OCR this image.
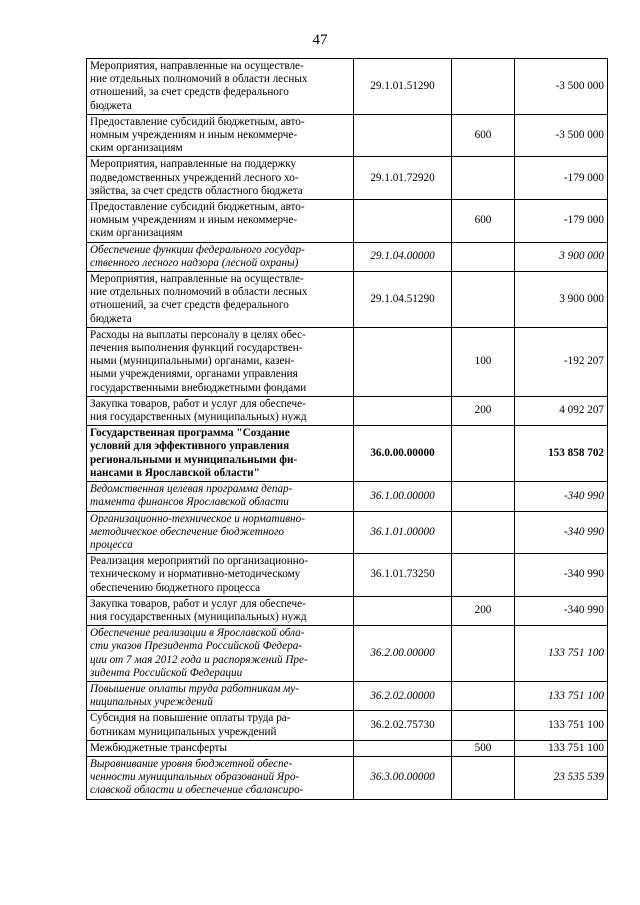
47
Мероприятия, направленные на осуществле-
ние отдельных полномочий в области лесных
отношений, за счет средств федерального
бюджета	29.1.01.51290		-3 500 000
Предоставление субсидий бюджетным, авто-
номным учреждениям и иным некоммерче-
ским организациям		600	-3 500 000
Мероприятия, направленные на поддержку
подведомственных учреждений лесного хо-
зяйства, за счет средств областного бюджета	29.1.01.72920		-179 000
Предоставление субсидий бюджетным, авто-
номным учреждениям и иным некоммерче-
ским организациям		600	-179 000
Обеспечение функции федерального государ-
ственного лесного надзора (лесной охраны)	29.1.04.00000		3 900 000
Мероприятия, направленные на осуществле-
ние отдельных полномочий в области лесных
отношений, за счет средств федерального
бюджета	29.1.04.51290		3 900 000
Расходы на выплаты персоналу в целях обес-
печения выполнения функций государствен-
ными (муниципальными) органами, казен-
ными учреждениями, органами управления
государственными внебюджетными фондами		100	-192 207
Закупка товаров, работ и услуг для обеспече-
ния государственных (муниципальных) нужд		200	4 092 207
Государственная программа "Создание
условий для эффективного управления
региональными и муниципальными фи-
нансами в Ярославской области"	36.0.00.00000		153 858 702
Ведомственная целевая программа депар-
тамента финансов Ярославской области	36.1.00.00000		-340 990
Организационно-техническое и нормативно-
методическое обеспечение бюджетного
процесса	36.1.01.00000		-340 990
Реализация мероприятий по организационно-
техническому и нормативно-методическому
обеспечению бюджетного процесса	36.1.01.73250		-340 990
Закупка товаров, работ и услуг для обеспече-
ния государственных (муниципальных) нужд		200	-340 990
Обеспечение реализации в Ярославской обла-
сти указов Президента Российской Федера-
ции от 7 мая 2012 года и распоряжений Пре-
зидента Российской Федерации	36.2.00.00000		133 751 100
Повышение оплаты труда работникам му-
ниципальных учреждений	36.2.02.00000		133 751 100
Субсидия на повышение оплаты труда ра-
ботникам муниципальных учреждений	36.2.02.75730		133 751 100
Межбюджетные трансферты		500	133 751 100
Выравнивание уровня бюджетной обеспе-
ченности муниципальных образований Яро-
славской области и обеспечение сбалансиро-	36.3.00.00000		23 535 539
